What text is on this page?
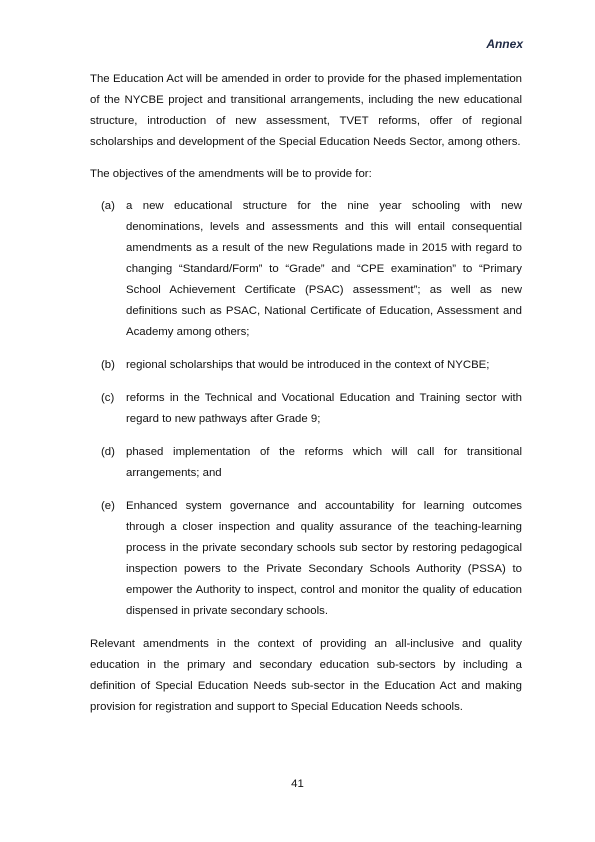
Annex

The Education Act will be amended in order to provide for the phased implementation of the NYCBE project and transitional arrangements, including the new educational structure, introduction of new assessment, TVET reforms, offer of regional scholarships and development of the Special Education Needs Sector, among others.

The objectives of the amendments will be to provide for:

(a) a new educational structure for the nine year schooling with new denominations, levels and assessments and this will entail consequential amendments as a result of the new Regulations made in 2015 with regard to changing “Standard/Form” to “Grade” and “CPE examination” to “Primary School Achievement Certificate (PSAC) assessment”; as well as new definitions such as PSAC, National Certificate of Education, Assessment and Academy among others;
(b) regional scholarships that would be introduced in the context of NYCBE;
(c) reforms in the Technical and Vocational Education and Training sector with regard to new pathways after Grade 9;
(d) phased implementation of the reforms which will call for transitional arrangements; and
(e) Enhanced system governance and accountability for learning outcomes through a closer inspection and quality assurance of the teaching-learning process in the private secondary schools sub sector by restoring pedagogical inspection powers to the Private Secondary Schools Authority (PSSA) to empower the Authority to inspect, control and monitor the quality of education dispensed in private secondary schools.

Relevant amendments in the context of providing an all-inclusive and quality education in the primary and secondary education sub-sectors by including a definition of Special Education Needs sub-sector in the Education Act and making provision for registration and support to Special Education Needs schools.

41
